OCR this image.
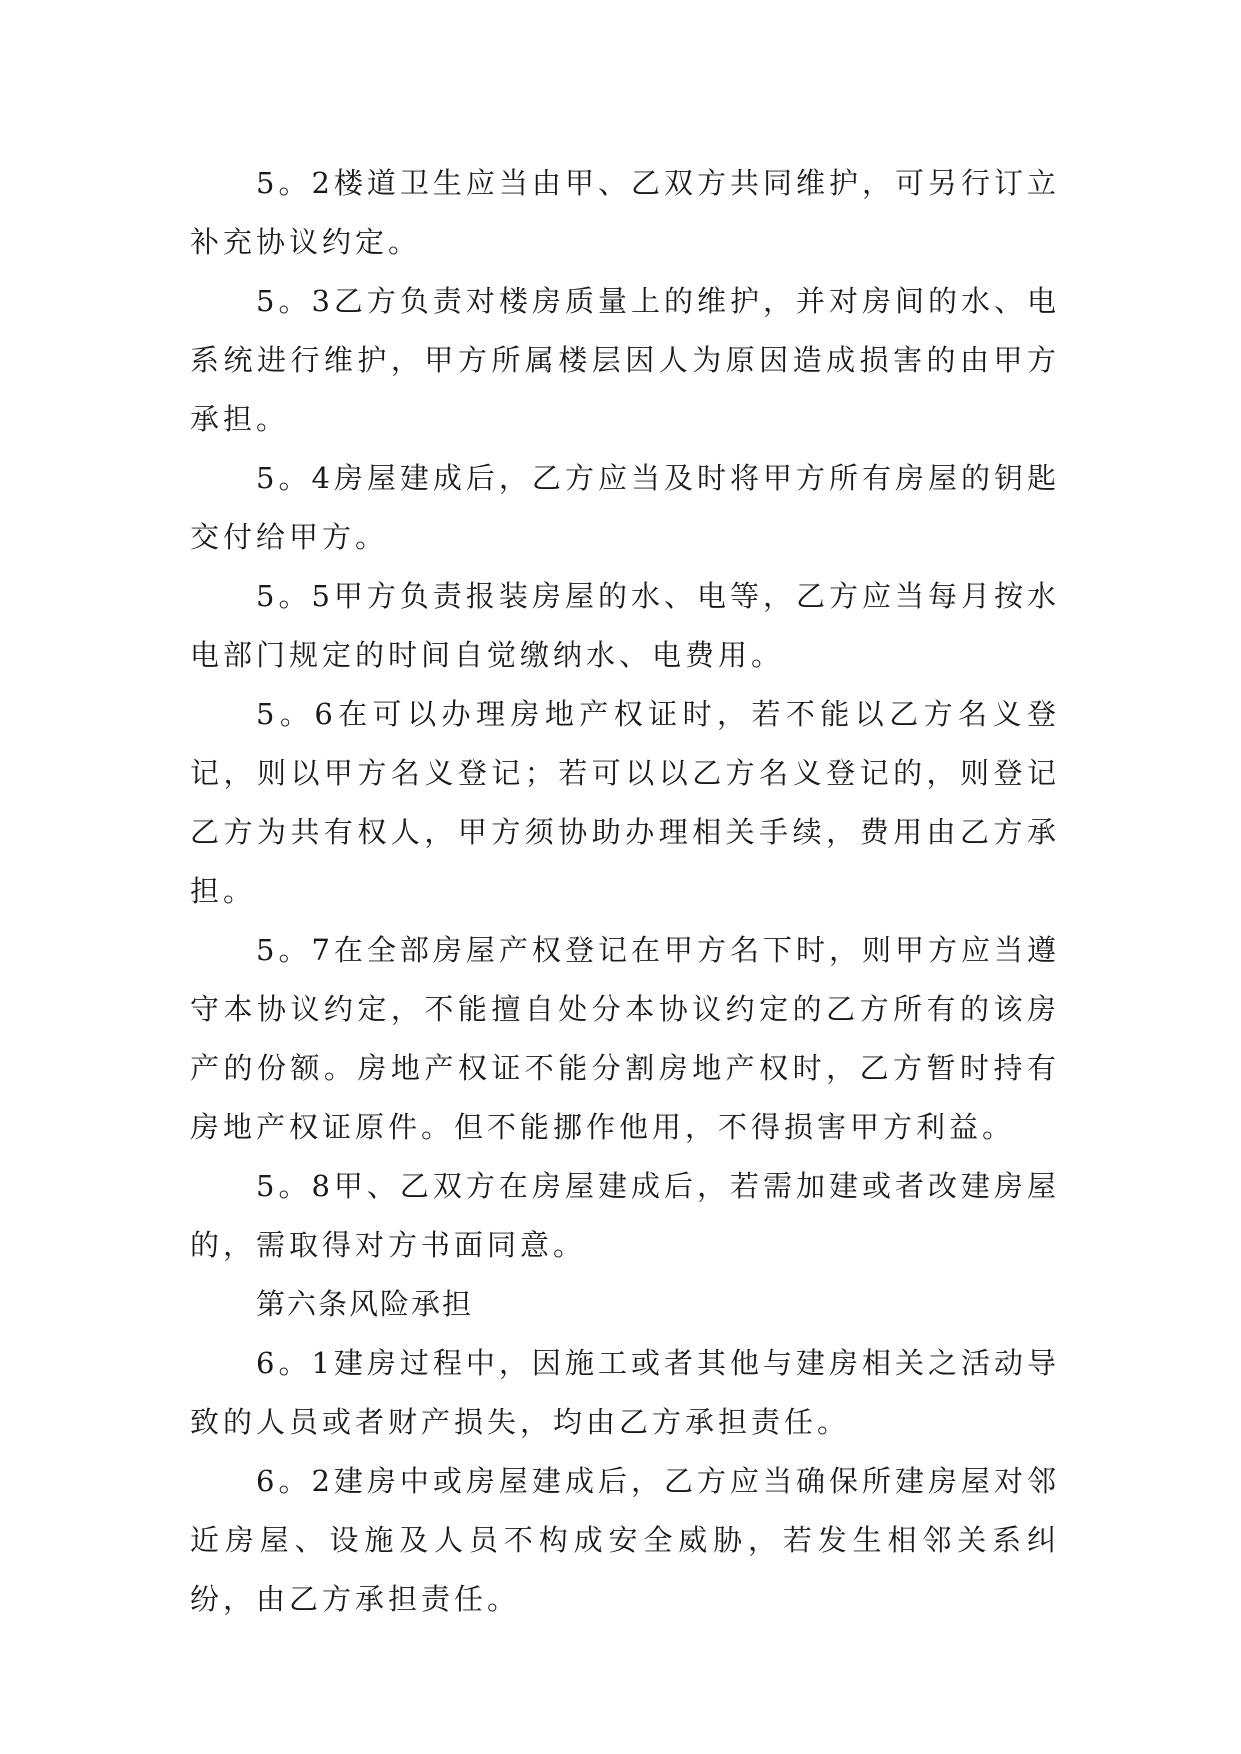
5。2楼道卫生应当由甲、乙双方共同维护，可另行订立补充协议约定。

5。3乙方负责对楼房质量上的维护，并对房间的水、电系统进行维护，甲方所属楼层因人为原因造成损害的由甲方承担。

5。4房屋建成后，乙方应当及时将甲方所有房屋的钥匙交付给甲方。

5。5甲方负责报装房屋的水、电等，乙方应当每月按水电部门规定的时间自觉缴纳水、电费用。

5。6在可以办理房地产权证时，若不能以乙方名义登记，则以甲方名义登记；若可以以乙方名义登记的，则登记乙方为共有权人，甲方须协助办理相关手续，费用由乙方承担。

5。7在全部房屋产权登记在甲方名下时，则甲方应当遵守本协议约定，不能擅自处分本协议约定的乙方所有的该房产的份额。房地产权证不能分割房地产权时，乙方暂时持有房地产权证原件。但不能挪作他用，不得损害甲方利益。

5。8甲、乙双方在房屋建成后，若需加建或者改建房屋的，需取得对方书面同意。

第六条风险承担

6。1建房过程中，因施工或者其他与建房相关之活动导致的人员或者财产损失，均由乙方承担责任。

6。2建房中或房屋建成后，乙方应当确保所建房屋对邻近房屋、设施及人员不构成安全威胁，若发生相邻关系纠纷，由乙方承担责任。
